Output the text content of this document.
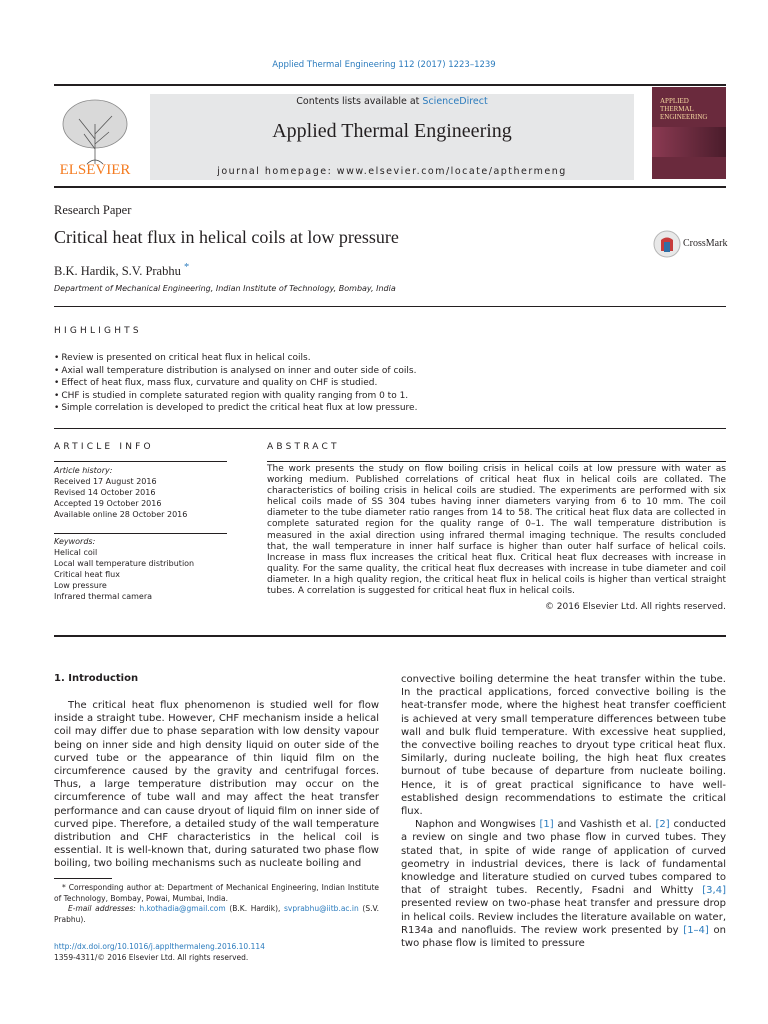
Applied Thermal Engineering 112 (2017) 1223–1239
ELSEVIER
Contents lists available at ScienceDirect
Applied Thermal Engineering
journal homepage: www.elsevier.com/locate/apthermeng
APPLIED
THERMAL
ENGINEERING
Research Paper
Critical heat flux in helical coils at low pressure
B.K. Hardik, S.V. Prabhu *
Department of Mechanical Engineering, Indian Institute of Technology, Bombay, India
CrossMark
HIGHLIGHTS
• Review is presented on critical heat flux in helical coils.
• Axial wall temperature distribution is analysed on inner and outer side of coils.
• Effect of heat flux, mass flux, curvature and quality on CHF is studied.
• CHF is studied in complete saturated region with quality ranging from 0 to 1.
• Simple correlation is developed to predict the critical heat flux at low pressure.
ARTICLE INFO
Article history:
Received 17 August 2016
Revised 14 October 2016
Accepted 19 October 2016
Available online 28 October 2016
Keywords:
Helical coil
Local wall temperature distribution
Critical heat flux
Low pressure
Infrared thermal camera
ABSTRACT
The work presents the study on flow boiling crisis in helical coils at low pressure with water as working medium. Published correlations of critical heat flux in helical coils are collated. The characteristics of boiling crisis in helical coils are studied. The experiments are performed with six helical coils made of SS 304 tubes having inner diameters varying from 6 to 10 mm. The coil diameter to the tube diameter ratio ranges from 14 to 58. The critical heat flux data are collected in complete saturated region for the quality range of 0–1. The wall temperature distribution is measured in the axial direction using infrared thermal imaging technique. The results concluded that, the wall temperature in inner half surface is higher than outer half surface of helical coils. Increase in mass flux increases the critical heat flux. Critical heat flux decreases with increase in quality. For the same quality, the critical heat flux decreases with increase in tube diameter and coil diameter. In a high quality region, the critical heat flux in helical coils is higher than vertical straight tubes. A correlation is suggested for critical heat flux in helical coils.
© 2016 Elsevier Ltd. All rights reserved.
1. Introduction

The critical heat flux phenomenon is studied well for flow inside a straight tube. However, CHF mechanism inside a helical coil may differ due to phase separation with low density vapour being on inner side and high density liquid on outer side of the curved tube or the appearance of thin liquid film on the circumference caused by the gravity and centrifugal forces. Thus, a large temperature distribution may occur on the circumference of tube wall and may affect the heat transfer performance and can cause dryout of liquid film on inner side of curved pipe. Therefore, a detailed study of the wall temperature distribution and CHF characteristics in the helical coil is essential. It is well-known that, during saturated two phase flow boiling, two boiling mechanisms such as nucleate boiling and

convective boiling determine the heat transfer within the tube. In the practical applications, forced convective boiling is the heat-transfer mode, where the highest heat transfer coefficient is achieved at very small temperature differences between tube wall and bulk fluid temperature. With excessive heat supplied, the convective boiling reaches to dryout type critical heat flux. Similarly, during nucleate boiling, the high heat flux creates burnout of tube because of departure from nucleate boiling. Hence, it is of great practical significance to have well-established design recommendations to estimate the critical flux.

Naphon and Wongwises [1] and Vashisth et al. [2] conducted a review on single and two phase flow in curved tubes. They stated that, in spite of wide range of application of curved geometry in industrial devices, there is lack of fundamental knowledge and literature studied on curved tubes compared to that of straight tubes. Recently, Fsadni and Whitty [3,4] presented review on two-phase heat transfer and pressure drop in helical coils. Review includes the literature available on water, R134a and nanofluids. The review work presented by [1–4] on two phase flow is limited to pressure

* Corresponding author at: Department of Mechanical Engineering, Indian Institute of Technology, Bombay, Powai, Mumbai, India.
E-mail addresses: h.kothadia@gmail.com (B.K. Hardik), svprabhu@iitb.ac.in (S.V. Prabhu).
http://dx.doi.org/10.1016/j.applthermaleng.2016.10.114
1359-4311/© 2016 Elsevier Ltd. All rights reserved.
